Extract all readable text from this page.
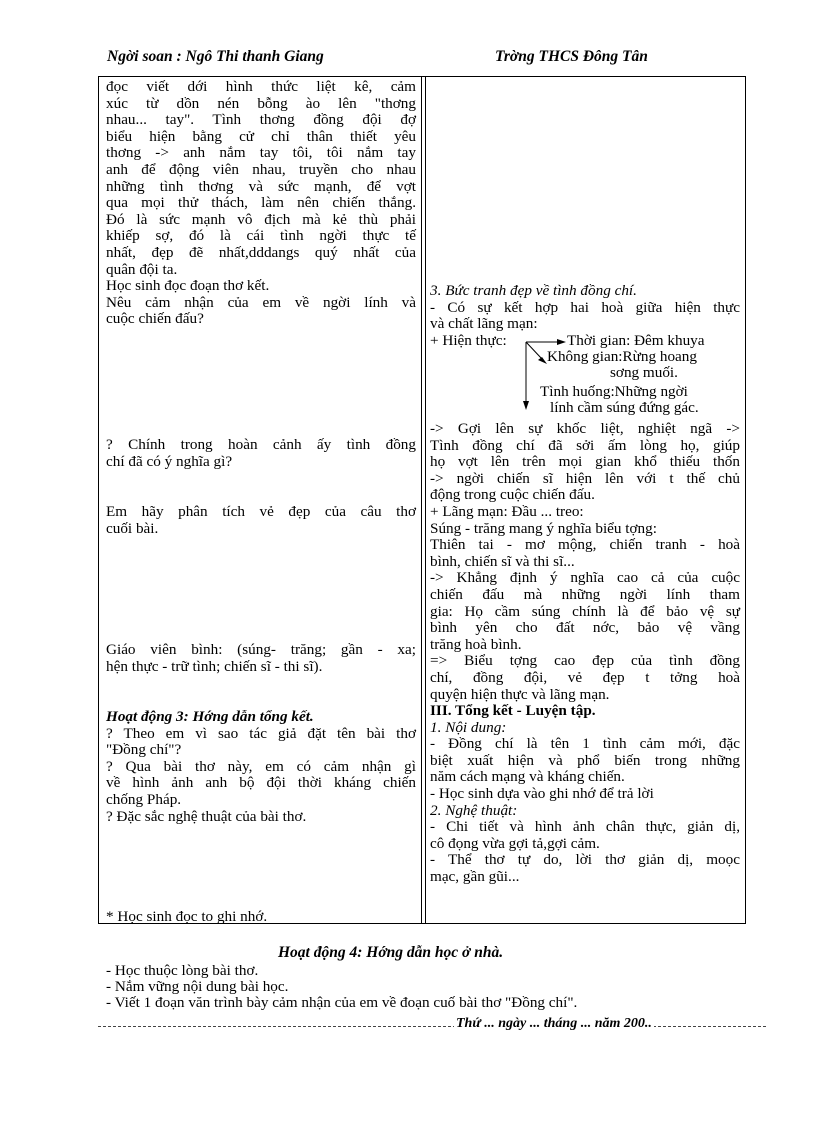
Ngời soan : Ngô Thi thanh Giang	Trờng THCS Đông Tân
đọc viết dới hình thức liệt kê, cảm
xúc từ dồn nén bỗng ào lên "thơng
nhau... tay". Tình thơng đồng đội đợ
biểu hiện bằng cử chỉ thân thiết yêu
thơng -> anh nắm tay tôi, tôi nắm tay
anh để động viên nhau, truyền cho nhau
những tình thơng và sức mạnh, để vợt
qua mọi thử thách, làm nên chiến thắng.
Đó là sức mạnh vô địch mà kẻ thù phải
khiếp sợ, đó là cái tình ngời thực tế
nhất, đẹp đẽ nhất,dddangs quý nhất của
quân đội ta.
Học sinh đọc đoạn thơ kết.
Nêu cảm nhận của em về ngời lính và
cuộc chiến đấu?
? Chính trong hoàn cảnh ấy tình đồng
chí đã có ý nghĩa gì?
Em hãy phân tích vẻ đẹp của câu thơ
cuối bài.
Giáo viên bình: (súng- trăng; gần - xa;
hện thực - trữ tình; chiến sĩ - thi sĩ).
Hoạt động 3: Hớng dẫn tổng kết.
? Theo em vì sao tác giả đặt tên bài thơ
"Đồng chí"?
? Qua bài thơ này, em có cảm nhận gì
về hình ảnh anh bộ đội thời kháng chiến
chống Pháp.
? Đặc sắc nghệ thuật của bài thơ.
* Học sinh đọc to ghi nhớ.
3. Bức tranh đẹp về tình đồng chí.
- Có sự kết hợp hai hoà giữa hiện thực
và chất lãng mạn:
+ Hiện thực:	Thời gian: Đêm khuya
Không gian:Rừng hoang
sơng muối.
Tình huống:Những ngời
lính cầm súng đứng gác.
-> Gợi lên sự khốc liệt, nghiệt ngã ->
Tình đồng chí đã sởi ấm lòng họ, giúp
họ vợt lên trên mọi gian khổ thiếu thốn
-> ngời chiến sĩ hiện lên với t thế chủ
động trong cuộc chiến đấu.
+ Lãng mạn: Đầu ... treo:
Súng - trăng mang ý nghĩa biểu tợng:
Thiên tai - mơ mộng, chiến tranh - hoà
bình, chiến sĩ và thi sĩ...
-> Khẳng định ý nghĩa cao cả của cuộc
chiến đấu mà những ngời lính tham
gia: Họ cầm súng chính là để bảo vệ sự
bình yên cho đất nớc, bảo vệ vầng
trăng hoà bình.
=> Biểu tợng cao đẹp của tình đồng
chí, đồng đội, vẻ đẹp t tởng hoà
quyện hiện thực và lãng mạn.
III. Tổng kết - Luyện tập.
1. Nội dung:
- Đồng chí là tên 1 tình cảm mới, đặc
biệt xuất hiện và phổ biến trong những
năm cách mạng và kháng chiến.
- Học sinh dựa vào ghi nhớ để trả lời
2. Nghệ thuật:
- Chi tiết và hình ảnh chân thực, giản dị,
cô đọng vừa gợi tả,gợi cảm.
- Thể thơ tự do, lời thơ giản dị, moọc
mạc, gần gũi...
Hoạt động 4: Hớng dẫn học ở nhà.
- Học thuộc lòng bài thơ.
- Nắm vững nội dung bài học.
- Viết 1 đoạn văn trình bày cảm nhận của em về đoạn cuố bài thơ "Đồng chí".
Thứ ... ngày ... tháng ... năm 200..
